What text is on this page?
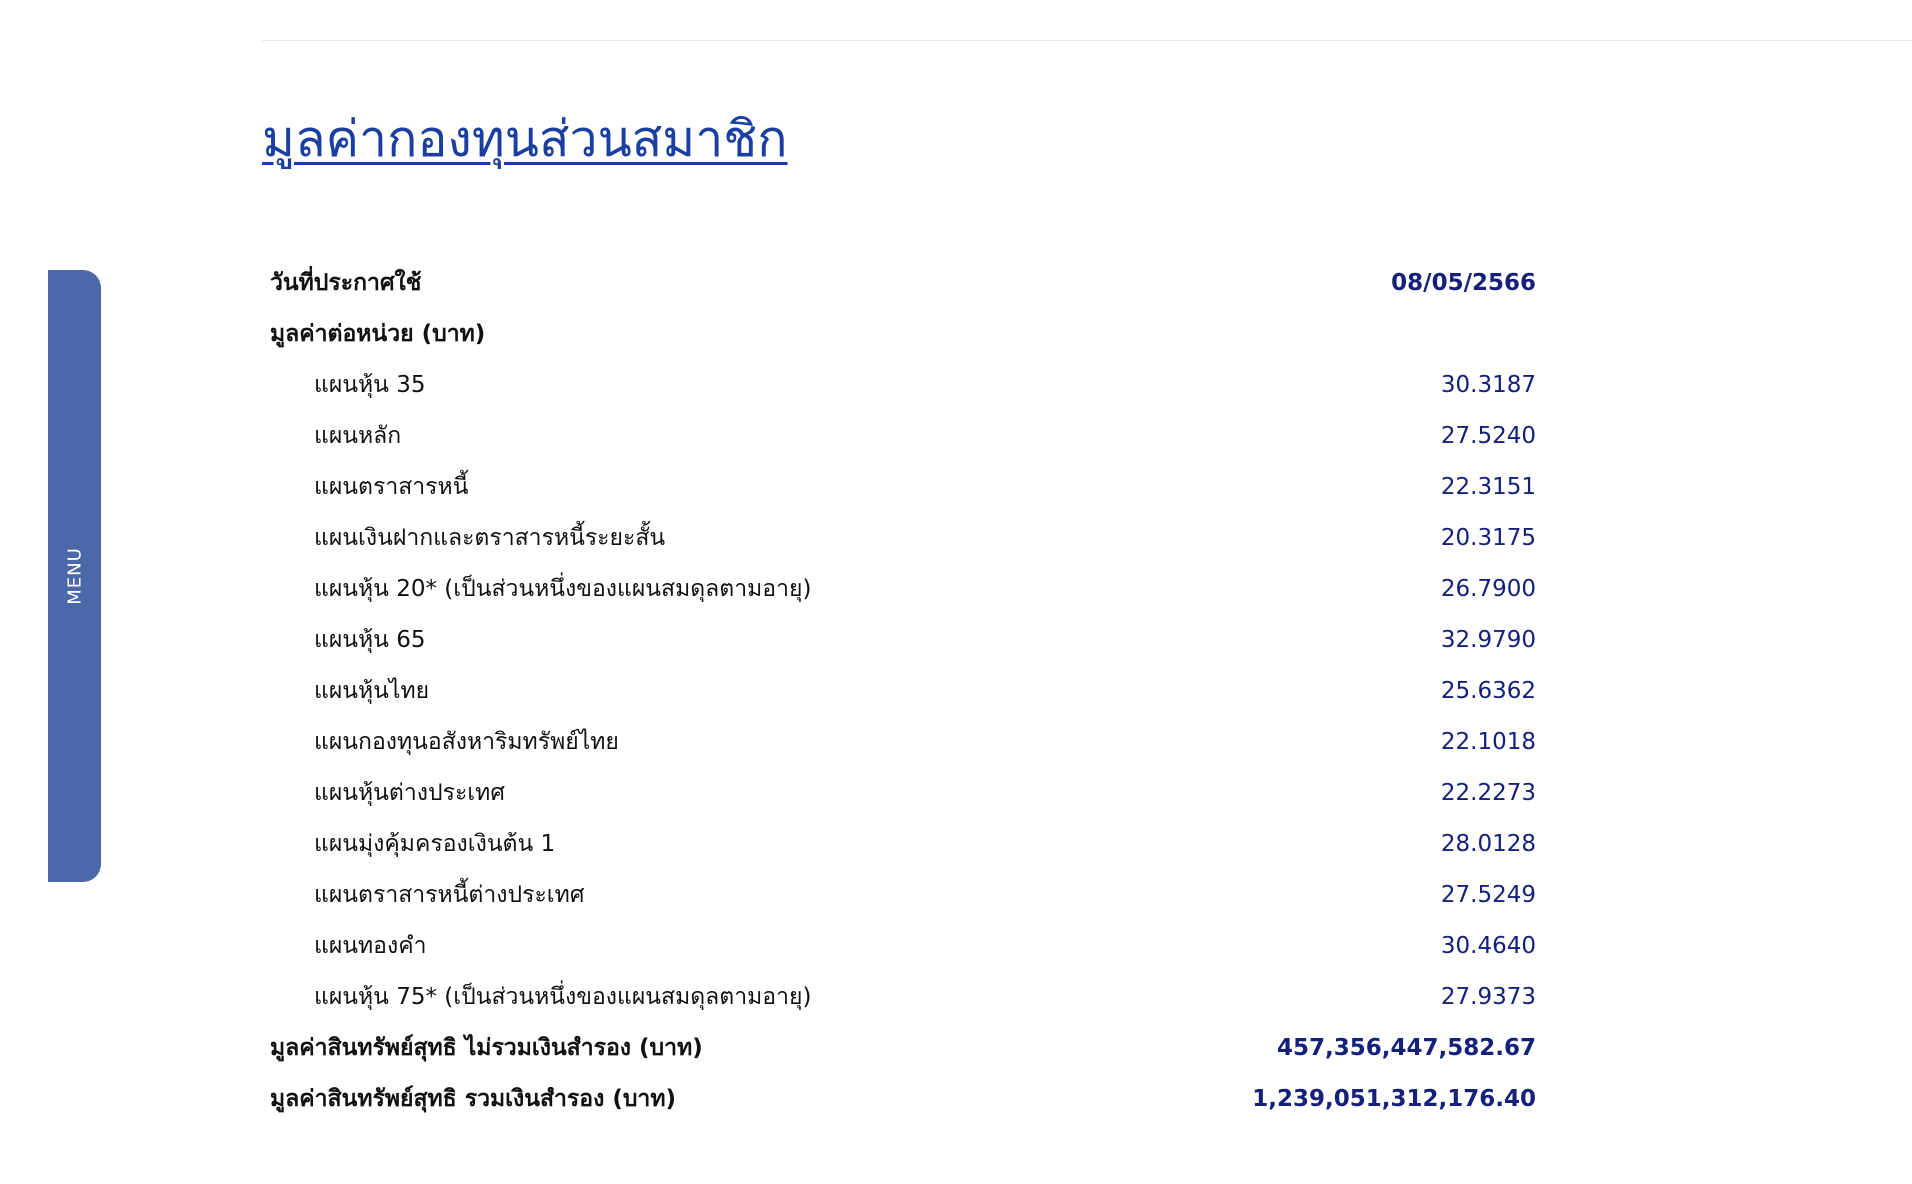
MENU
มูลค่ากองทุนส่วนสมาชิก
วันที่ประกาศใช้	08/05/2566
มูลค่าต่อหน่วย (บาท)
แผนหุ้น 35	30.3187
แผนหลัก	27.5240
แผนตราสารหนี้	22.3151
แผนเงินฝากและตราสารหนี้ระยะสั้น	20.3175
แผนหุ้น 20* (เป็นส่วนหนึ่งของแผนสมดุลตามอายุ)	26.7900
แผนหุ้น 65	32.9790
แผนหุ้นไทย	25.6362
แผนกองทุนอสังหาริมทรัพย์ไทย	22.1018
แผนหุ้นต่างประเทศ	22.2273
แผนมุ่งคุ้มครองเงินต้น 1	28.0128
แผนตราสารหนี้ต่างประเทศ	27.5249
แผนทองคำ	30.4640
แผนหุ้น 75* (เป็นส่วนหนึ่งของแผนสมดุลตามอายุ)	27.9373
มูลค่าสินทรัพย์สุทธิ ไม่รวมเงินสำรอง (บาท)	457,356,447,582.67
มูลค่าสินทรัพย์สุทธิ รวมเงินสำรอง (บาท)	1,239,051,312,176.40
